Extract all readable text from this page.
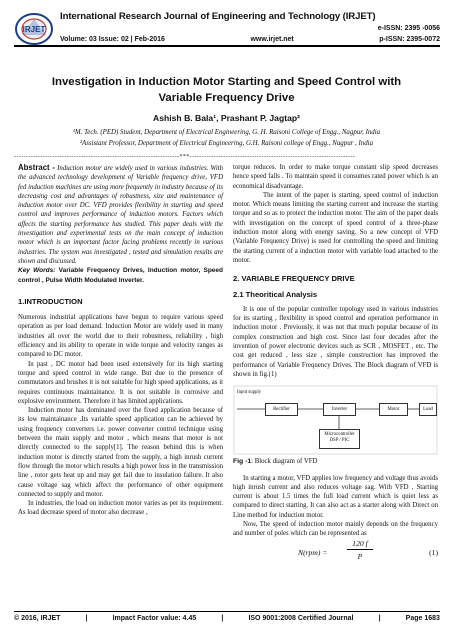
IRJET
International Research Journal of Engineering and Technology (IRJET)
e-ISSN: 2395 -0056
Volume: 03 Issue: 02 | Feb-2016	www.irjet.net	p-ISSN: 2395-0072
Investigation in Induction Motor Starting and Speed Control with
Variable Frequency Drive
Ashish B. Bala¹, Prashant P. Jagtap²
¹M. Tech. (PED) Student, Department of Electrical Engineering, G. H. Raisoni College of Engg., Nagpur, India
²Assistant Professor, Department of Electrical Engineering, G.H. Raisoni college of Engg., Nagpur , India
---------------------------------------------------------------------***---------------------------------------------------------------------

Abstract - Induction motor are widely used in various industries. With the advanced technology development of Variable frequency drive, VFD fed induction machines are using more frequently in industry because of its decreasing cost and advantages of robustness, size and maintenance of induction motor over DC. VFD provides flexibility in starting and speed control and improves performance of induction motors. Factors which affects the starting performance has studied. This paper deals with the investigation and experimental tests on the main concept of induction motor which is an important factor facing problems recently in various industries. The system was investigated , tested and simulation results are shown and discussed.

Key Words: Variable Frequency Drives, Induction motor, Speed control , Pulse Width Modulated Inverter.

1.INTRODUCTION

Numerous industrial applications have begun to require various speed operation as per load demand. Induction Motor are widely used in many industries all over the world due to their robustness, reliability , high efficiency and its ability to operate in wide torque and velocity ranges as compared to DC motor.

In past , DC motor had been used extensively for its high starting torque and speed control in wide range. But due to the presence of commutators and brushes it is not suitable for high speed applications, as it requires continuous maintainance. It is not suitable in corrosive and explosive environment. Therefore it has limited applications.

Induction motor has dominated over the fixed application because of its low maintainance .Its variable speed application can be achieved by using frequency converters i.e. power converter control technique using between the main supply and motor , which means that motor is not directly connected to the supply[1]. The reason behind this is when induction motor is directly started from the supply, a high inrush current flow through the motor which results a high power loss in the transmission line , rotor gets heat up and may get fail due to insulation failure. It also cause voltage sag which affect the performance of other equipment connected to supply and motor.

In industries, the load on induction motor varies as per its requirement. As load decrease speed of motor also decrease ,

torque reduces. In order to make torque constant slip speed decreases hence speed falls . To maintain speed it consumes rated power which is an economical disadvantage.

The intent of the paper is starting, speed control of induction motor. Which means limiting the starting current and increase the starting torque and so as to protect the induction motor. The aim of the paper deals with investigation on the concept of speed control of a three-phase induction motor along with energy saving. So a new concept of VFD (Variable Frequency Drive) is used for controlling the speed and limiting the starting current of a induction motor with variable load attached to the motor.

2. VARIABLE FREQUENCY DRIVE
2.1 Theoritical Analysis

It is one of the popular controller topology used in various industries for its starting , flexibility in speed control and operation performance in induction motor . Previously, it was not that much popular because of its complex construction and high cost. Since last four decades after the invention of power electronic devices such as SCR , MOSFET , etc. The cost get reduced , less size , simple construction has improved the performance of Variable Frequency Drives. The Block diagram of VFD is shown in fig.(1)

Input supply
Rectifier	Inverter	Motor	Load
Microcontroller
DSP / PIC
Fig -1: Block diagram of VFD

In starting a motor, VFD applies low frequency and voltage thus avoids high inrush current and also reduces voltage sag. With VFD , Starting current is about 1.5 times the full load current which is quiet less as compared to direct starting. It can also act as a starter along with Direct on Line method for induction motor.

Now, The speed of induction motor mainly depends on the frequency and number of poles which can be represented as

N(rpm) =	$\frac{120 f}{P}$	(1)
© 2016, IRJET	|	Impact Factor value: 4.45	|	ISO 9001:2008 Certified Journal	|	Page 1683
